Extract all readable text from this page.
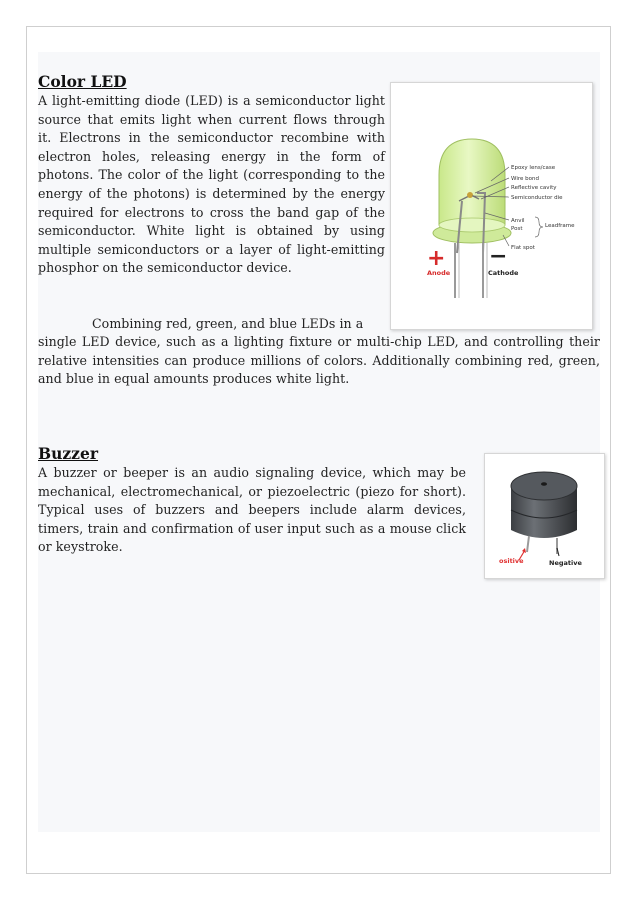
Color LED

A light-emitting diode (LED) is a semiconductor light source that emits light when current flows through it. Electrons in the semiconductor recombine with electron holes, releasing energy in the form of photons. The color of the light (corresponding to the energy of the photons) is determined by the energy required for electrons to cross the band gap of the semiconductor. White light is obtained by using multiple semiconductors or a layer of light-emitting phosphor on the semiconductor device.

Combining red, green, and blue LEDs in a

single LED device, such as a lighting fixture or multi-chip LED, and controlling their relative intensities can produce millions of colors. Additionally combining red, green, and blue in equal amounts produces white light.

Epoxy lens/case
Wire bond
Reflective cavity
Semiconductor die
Anvil
Post	Leadframe
Flat spot
+ −
Anode	Cathode
Buzzer

A buzzer or beeper is an audio signaling device, which may be mechanical, electromechanical, or piezoelectric (piezo for short). Typical uses of buzzers and beepers include alarm devices, timers, train and confirmation of user input such as a mouse click or keystroke.

ositive	Negative
